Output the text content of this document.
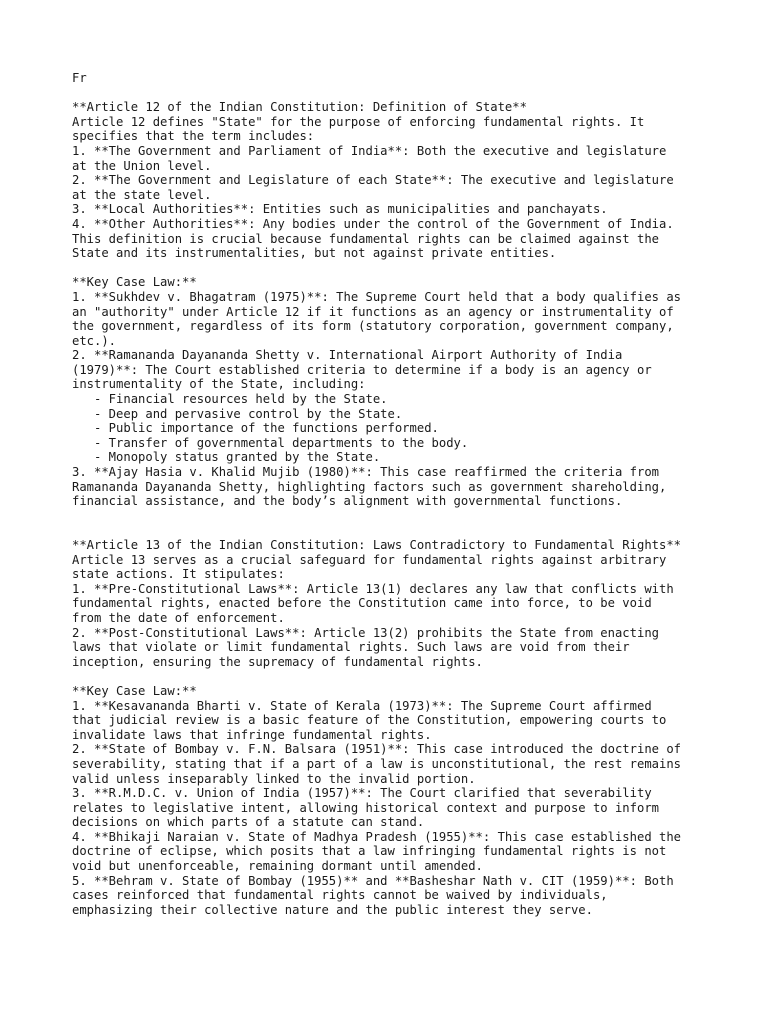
Fr
**Article 12 of the Indian Constitution: Definition of State**
Article 12 defines "State" for the purpose of enforcing fundamental rights. It
specifies that the term includes:
1. **The Government and Parliament of India**: Both the executive and legislature
at the Union level.
2. **The Government and Legislature of each State**: The executive and legislature
at the state level.
3. **Local Authorities**: Entities such as municipalities and panchayats.
4. **Other Authorities**: Any bodies under the control of the Government of India.
This definition is crucial because fundamental rights can be claimed against the
State and its instrumentalities, but not against private entities.
**Key Case Law:**
1. **Sukhdev v. Bhagatram (1975)**: The Supreme Court held that a body qualifies as
an "authority" under Article 12 if it functions as an agency or instrumentality of
the government, regardless of its form (statutory corporation, government company,
etc.).
2. **Ramananda Dayananda Shetty v. International Airport Authority of India
(1979)**: The Court established criteria to determine if a body is an agency or
instrumentality of the State, including:
- Financial resources held by the State.
- Deep and pervasive control by the State.
- Public importance of the functions performed.
- Transfer of governmental departments to the body.
- Monopoly status granted by the State.
3. **Ajay Hasia v. Khalid Mujib (1980)**: This case reaffirmed the criteria from
Ramananda Dayananda Shetty, highlighting factors such as government shareholding,
financial assistance, and the body’s alignment with governmental functions.
**Article 13 of the Indian Constitution: Laws Contradictory to Fundamental Rights**
Article 13 serves as a crucial safeguard for fundamental rights against arbitrary
state actions. It stipulates:
1. **Pre-Constitutional Laws**: Article 13(1) declares any law that conflicts with
fundamental rights, enacted before the Constitution came into force, to be void
from the date of enforcement.
2. **Post-Constitutional Laws**: Article 13(2) prohibits the State from enacting
laws that violate or limit fundamental rights. Such laws are void from their
inception, ensuring the supremacy of fundamental rights.
**Key Case Law:**
1. **Kesavananda Bharti v. State of Kerala (1973)**: The Supreme Court affirmed
that judicial review is a basic feature of the Constitution, empowering courts to
invalidate laws that infringe fundamental rights.
2. **State of Bombay v. F.N. Balsara (1951)**: This case introduced the doctrine of
severability, stating that if a part of a law is unconstitutional, the rest remains
valid unless inseparably linked to the invalid portion.
3. **R.M.D.C. v. Union of India (1957)**: The Court clarified that severability
relates to legislative intent, allowing historical context and purpose to inform
decisions on which parts of a statute can stand.
4. **Bhikaji Naraian v. State of Madhya Pradesh (1955)**: This case established the
doctrine of eclipse, which posits that a law infringing fundamental rights is not
void but unenforceable, remaining dormant until amended.
5. **Behram v. State of Bombay (1955)** and **Basheshar Nath v. CIT (1959)**: Both
cases reinforced that fundamental rights cannot be waived by individuals,
emphasizing their collective nature and the public interest they serve.
